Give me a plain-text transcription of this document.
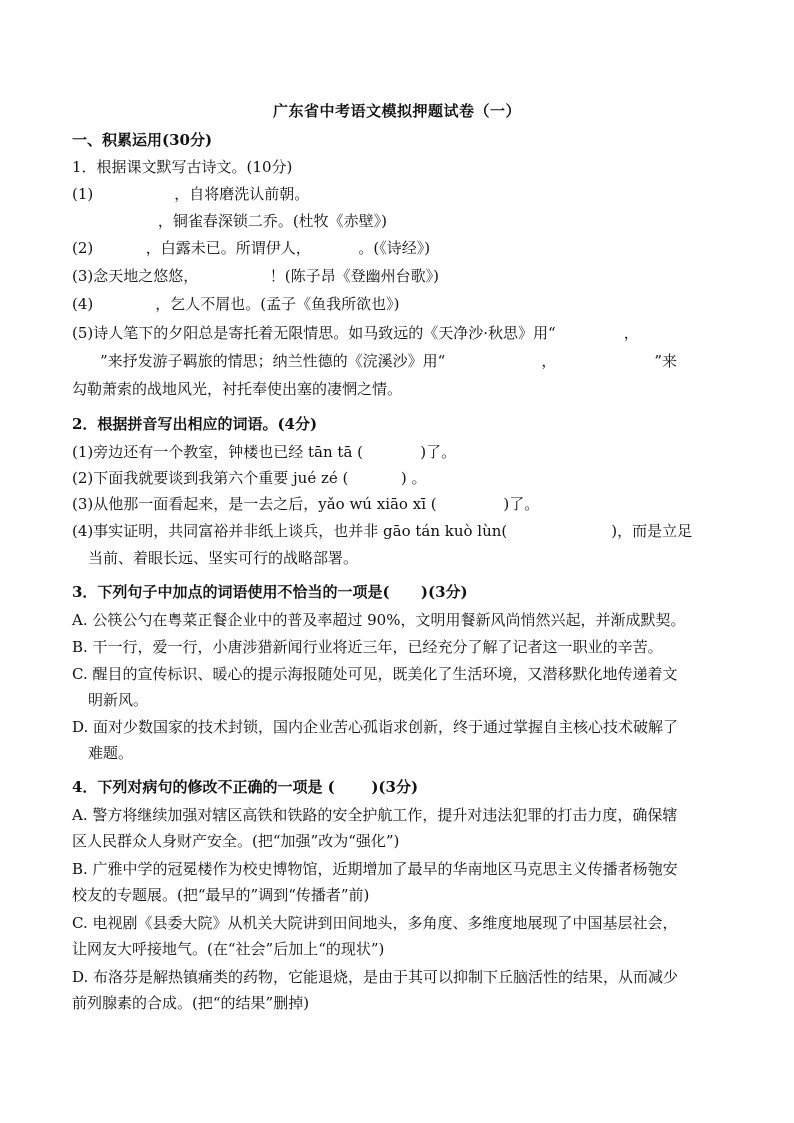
广东省中考语文模拟押题试卷（一）
一、积累运用(30分)
1．根据课文默写古诗文。(10分)
(1)                 ，自将磨洗认前朝。
，铜雀春深锁二乔。(杜牧《赤壁》)
(2)           ，白露未已。所谓伊人，          。(《诗经》)
(3)念天地之悠悠，               ！(陈子昂《登幽州台歌》)
(4)             ，乞人不屑也。(孟子《鱼我所欲也》)
(5)诗人笔下的夕阳总是寄托着无限情思。如马致远的《天净沙·秋思》用“	，
”来抒发游子羁旅的情思；纳兰性德的《浣溪沙》用“	，	”来
勾勒萧索的战地风光，衬托奉使出塞的凄惘之情。
2．根据拼音写出相应的词语。(4分)
(1)旁边还有一个教室，钟楼也已经 tān tā (            )了。
(2)下面我就要谈到我第六个重要 jué zé (           ) 。
(3)从他那一面看起来，是一去之后，yǎo wú xiāo xī (              )了。
(4)事实证明，共同富裕并非纸上谈兵，也并非 gāo tán kuò lùn(	)，而是立足
当前、着眼长远、坚实可行的战略部署。
3．下列句子中加点的词语使用不恰当的一项是(      )(3分)
A. 公筷公勺在粤菜正餐企业中的普及率超过 90%，文明用餐新风尚悄然兴起，并渐成默契。
B. 干一行，爱一行，小唐涉猎新闻行业将近三年，已经充分了解了记者这一职业的辛苦。
C. 醒目的宣传标识、暖心的提示海报随处可见，既美化了生活环境，又潜移默化地传递着文
明新风。
D. 面对少数国家的技术封锁，国内企业苦心孤诣求创新，终于通过掌握自主核心技术破解了
难题。
4．下列对病句的修改不正确的一项是 (       )(3分)
A. 警方将继续加强对辖区高铁和铁路的安全护航工作，提升对违法犯罪的打击力度，确保辖
区人民群众人身财产安全。(把“加强”改为“强化”)
B. 广雅中学的冠冕楼作为校史博物馆，近期增加了最早的华南地区马克思主义传播者杨匏安
校友的专题展。(把“最早的”调到“传播者”前)
C. 电视剧《县委大院》从机关大院讲到田间地头，多角度、多维度地展现了中国基层社会，
让网友大呼接地气。(在“社会”后加上“的现状”)
D. 布洛芬是解热镇痛类的药物，它能退烧，是由于其可以抑制下丘脑活性的结果，从而减少
前列腺素的合成。(把“的结果”删掉)
